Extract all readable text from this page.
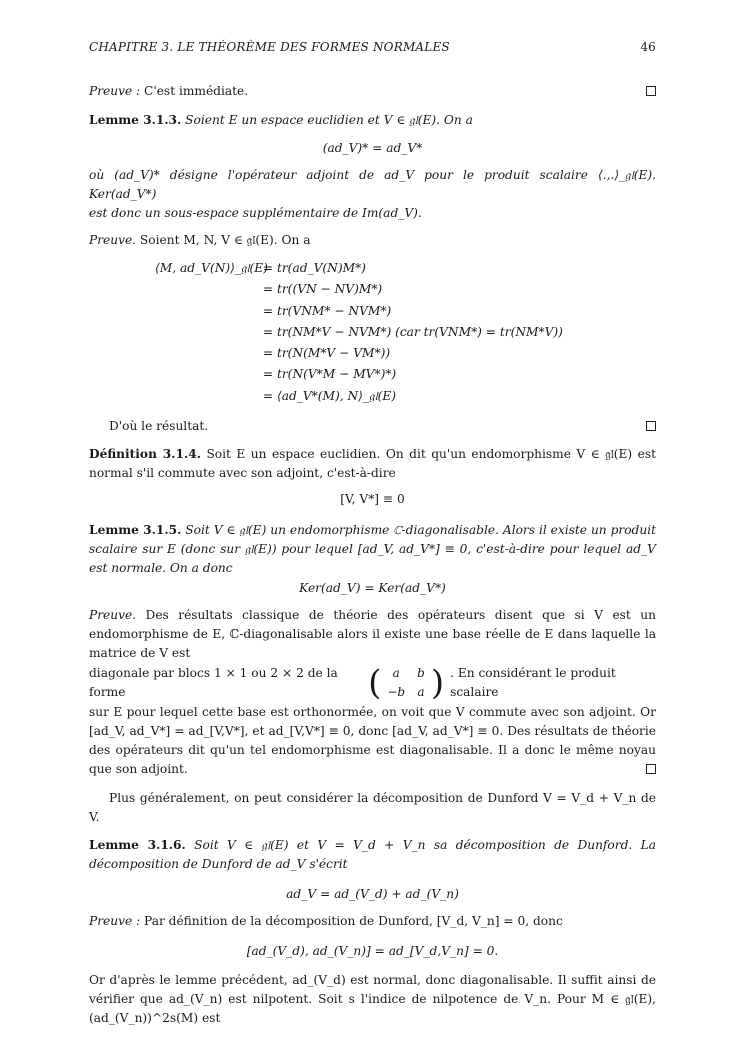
CHAPITRE 3. LE THÉORÈME DES FORMES NORMALES	46

Preuve : C'est immédiate.

Lemme 3.1.3. Soient E un espace euclidien et V ∈ 𝔤𝔩(E). On a

(ad_V)* = ad_V*

où (ad_V)* désigne l'opérateur adjoint de ad_V pour le produit scalaire ⟨.,.⟩_𝔤𝔩(E). Ker(ad_V*)

est donc un sous-espace supplémentaire de Im(ad_V).

Preuve. Soient M, N, V ∈ 𝔤𝔩(E). On a

⟨M, ad_V(N)⟩_𝔤𝔩(E) = tr(ad_V(N)M*)
= tr((VN − NV)M*)
= tr(VNM* − NVM*)
= tr(NM*V − NVM*) (car tr(VNM*) = tr(NM*V))
= tr(N(M*V − VM*))
= tr(N(V*M − MV*)*)
= ⟨ad_V*(M), N⟩_𝔤𝔩(E)

D'où le résultat.

Définition 3.1.4. Soit E un espace euclidien. On dit qu'un endomorphisme V ∈ 𝔤𝔩(E) est normal s'il commute avec son adjoint, c'est-à-dire

[V, V*] ≡ 0

Lemme 3.1.5. Soit V ∈ 𝔤𝔩(E) un endomorphisme ℂ-diagonalisable. Alors il existe un produit scalaire sur E (donc sur 𝔤𝔩(E)) pour lequel [ad_V, ad_V*] ≡ 0, c'est-à-dire pour lequel ad_V est normale. On a donc

Ker(ad_V) = Ker(ad_V*)

Preuve. Des résultats classique de théorie des opérateurs disent que si V est un endomorphisme de E, ℂ-diagonalisable alors il existe une base réelle de E dans laquelle la matrice de V est

diagonale par blocs 1 × 1 ou 2 × 2 de la forme	( a	b
−b	a ) . En considérant le produit scalaire

sur E pour lequel cette base est orthonormée, on voit que V commute avec son adjoint. Or [ad_V, ad_V*] = ad_[V,V*], et ad_[V,V*] ≡ 0, donc [ad_V, ad_V*] ≡ 0. Des résultats de théorie des opérateurs dit qu'un tel endomorphisme est diagonalisable. Il a donc le même noyau que son adjoint.

Plus généralement, on peut considérer la décomposition de Dunford V = V_d + V_n de V.

Lemme 3.1.6. Soit V ∈ 𝔤𝔩(E) et V = V_d + V_n sa décomposition de Dunford. La décomposition de Dunford de ad_V s'écrit

ad_V = ad_(V_d) + ad_(V_n)

Preuve : Par définition de la décomposition de Dunford, [V_d, V_n] = 0, donc

[ad_(V_d), ad_(V_n)] = ad_[V_d,V_n] = 0.

Or d'après le lemme précédent, ad_(V_d) est normal, donc diagonalisable. Il suffit ainsi de vérifier que ad_(V_n) est nilpotent. Soit s l'indice de nilpotence de V_n. Pour M ∈ 𝔤𝔩(E), (ad_(V_n))^2s(M) est
